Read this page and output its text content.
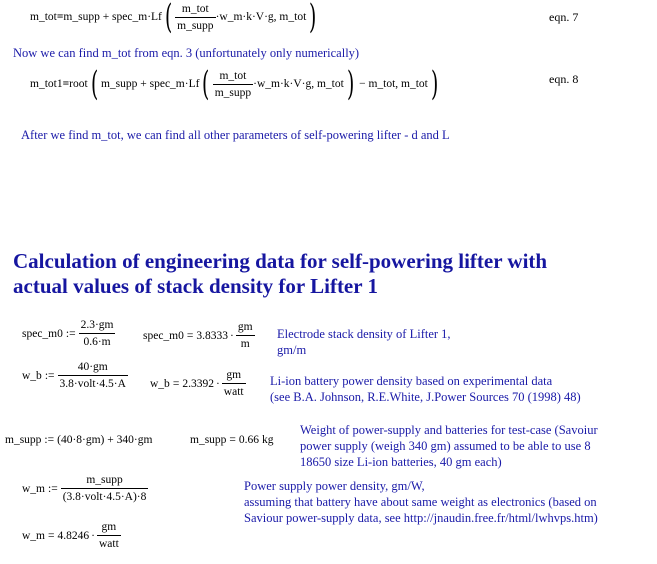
m_tot = m_supp + spec_m·Lf ( $\frac{\text{m\_tot}}{\text{m\_supp}}$ ·w_m·k·V·g, m_tot )	eqn. 7
Now we can find m_tot from eqn. 3 (unfortunately only numerically)
m_tot1 = root ( m_supp + spec_m·Lf ( $\frac{\text{m\_tot}}{\text{m\_supp}}$ ·w_m·k·V·g, m_tot ) − m_tot, m_tot )	eqn. 8
After we find m_tot, we can find all other parameters of self-powering lifter - d and L
Calculation of engineering data for self-powering lifter with
actual values of stack density for Lifter 1
spec_m0 := $\frac{2.3\cdot gm}{0.6\cdot m}$ spec_m0 = $3.8333 \cdot \frac{gm}{m}$ Electrode stack density of Lifter 1,
gm/m
w_b := $\frac{40\cdot gm}{\text{3.8·volt·4.5·A}}$ w_b = $2.3392 \cdot \frac{gm}{\text{watt}} Li-ion$ battery power density based on experimental data
(see B.A. Johnson, R.E.White, J.Power Sources 70 (1998) 48)
m_supp := (40·8·gm) + 340·gm	m_supp = 0.66 kg
Weight of power-supply and batteries for test-case (Savoiur
power supply (weigh 340 gm) assumed to be able to use 8
18650 size Li-ion batteries, 40 gm each)
w_m := $\frac{\text{m\_supp}}{\text{(3.8·volt·4.5·A)·8}}$
w_m = $4.8246 \cdot \frac{gm}{\text{watt}}$
Power supply power density, gm/W,
assuming that battery have about same weight as electronics (based on
Saviour power-supply data, see http://jnaudin.free.fr/html/lwhvps.htm)
